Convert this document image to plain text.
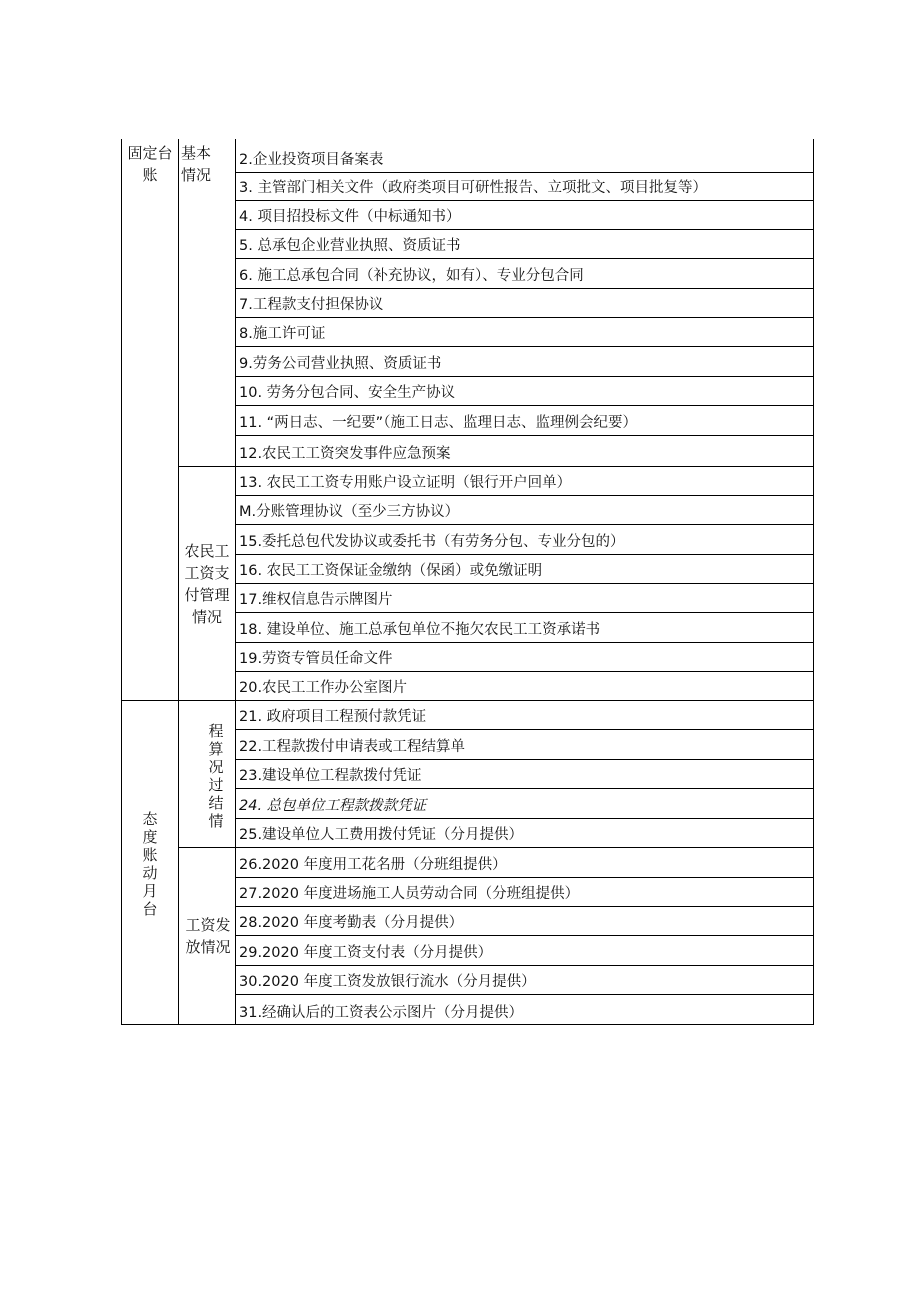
固定台账
态度账动月台
基本情况
农民工工资支付管理情况
程算况过结情
工资发放情况
2.企业投资项目备案表
3. 主管部门相关文件（政府类项目可研性报告、立项批文、项目批复等）
4. 项目招投标文件（中标通知书）
5. 总承包企业营业执照、资质证书
6. 施工总承包合同（补充协议，如有）、专业分包合同
7.工程款支付担保协议
8.施工许可证
9.劳务公司营业执照、资质证书
10. 劳务分包合同、安全生产协议
11. “两日志、一纪要”（施工日志、监理日志、监理例会纪要）
12.农民工工资突发事件应急预案
13. 农民工工资专用账户设立证明（银行开户回单）
M.分账管理协议（至少三方协议）
15.委托总包代发协议或委托书（有劳务分包、专业分包的）
16. 农民工工资保证金缴纳（保函）或免缴证明
17.维权信息告示牌图片
18. 建设单位、施工总承包单位不拖欠农民工工资承诺书
19.劳资专管员任命文件
20.农民工工作办公室图片
21. 政府项目工程预付款凭证
22.工程款拨付申请表或工程结算单
23.建设单位工程款拨付凭证
24. 总包单位工程款拨款凭证
25.建设单位人工费用拨付凭证（分月提供）
26.2020 年度用工花名册（分班组提供）
27.2020 年度进场施工人员劳动合同（分班组提供）
28.2020 年度考勤表（分月提供）
29.2020 年度工资支付表（分月提供）
30.2020 年度工资发放银行流水（分月提供）
31.经确认后的工资表公示图片（分月提供）
